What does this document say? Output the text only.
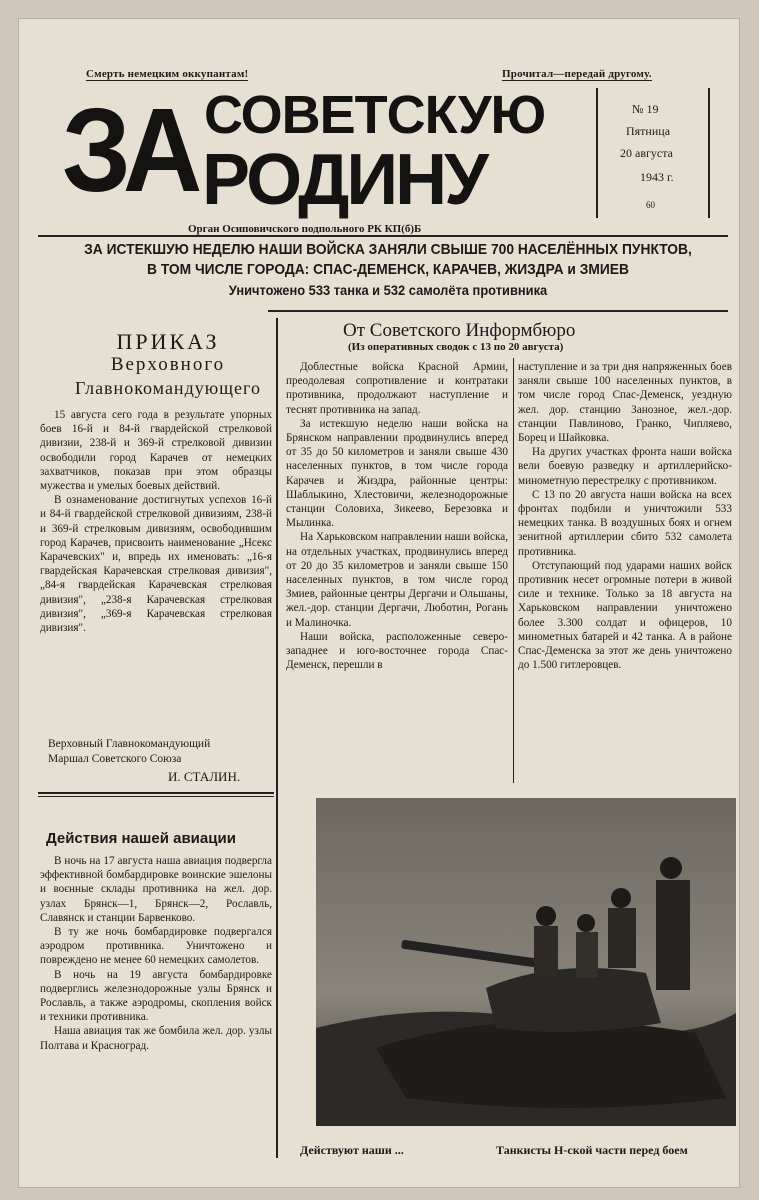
Смерть немецким оккупантам!	Прочитал—передай другому.
ЗА СОВЕТСКУЮ
РОДИНУ
Орган Осиповичского подпольного РК КП(б)Б
№ 19
Пятница
20 августа
1943 г.
60
ЗА ИСТЕКШУЮ НЕДЕЛЮ НАШИ ВОЙСКА ЗАНЯЛИ СВЫШЕ 700 НАСЕЛЁННЫХ ПУНКТОВ,
В ТОМ ЧИСЛЕ ГОРОДА: СПАС-ДЕМЕНСК, КАРАЧЕВ, ЖИЗДРА и ЗМИЕВ
Уничтожено 533 танка и 532 самолёта противника
ПРИКАЗ
Верховного
Главнокомандующего

15 августа сего года в результате упорных боев 16-й и 84-й гвардейской стрелковой дивизии, 238-й и 369-й стрелковой дивизии освободили город Карачев от немецких захватчиков, показав при этом образцы мужества и умелых боевых действий.

В ознаменование достигнутых успехов 16-й и 84-й гвардейской стрелковой дивизиям, 238-й и 369-й стрелковым дивизиям, освободившим город Карачев, присвоить наименование „Нсекс Карачевских" и, впредь их именовать: „16-я гвардейская Карачевская стрелковая дивизия", „84-я гвардейская Карачевская стрелковая дивизия", „238-я Карачевская стрелковая дивизия", „369-я Карачевская стрелковая дивизия".

Верховный Главнокомандующий
Маршал Советского Союза
И. СТАЛИН.
Действия нашей авиации

В ночь на 17 августа наша авиация подвергла эффективной бомбардировке воинские эшелоны и воєнные склады противника на жел. дор. узлах Брянск—1, Брянск—2, Рославль, Славянск и станции Барвенково.

В ту же ночь бомбардировке подвергался аэродром противника. Уничтожено и повреждено не менее 60 немецких самолетов.

В ночь на 19 августа бомбардировке подверглись железнодорожные узлы Брянск и Рославль, а также аэродромы, скопления войск и техники противника.

Наша авиация так же бомбила жел. дор. узлы Полтава и Красноград.

От Советского Информбюро
(Из оперативных сводок с 13 по 20 августа)

Доблестные войска Красной Армии, преодолевая сопротивление и контратаки противника, продолжают наступление и теснят противника на запад.

За истекшую неделю наши войска на Брянском направлении продвинулись вперед от 35 до 50 километров и заняли свыше 430 населенных пунктов, в том числе города Карачев и Жиздра, районные центры: Шаблыкино, Хлестовичи, железнодорожные станции Соловиха, Зикеево, Березовка и Мылинка.

На Харьковском направлении наши войска, на отдельных участках, продвинулись вперед от 20 до 35 километров и заняли свыше 150 населенных пунктов, в том числе город Змиев, районные центры Дергачи и Ольшаны, жел.-дор. станции Дергачи, Люботин, Рогань и Малиночка.

Наши войска, расположенные северо-западнее и юго-восточнее города Спас-Деменск, перешли в

наступление и за три дня напряженных боев заняли свыше 100 населенных пунктов, в том числе город Спас-Деменск, уездную жел. дор. станцию Занозное, жел.-дор. станции Павлиново, Гранко, Чипляево, Борец и Шайковка.

На других участках фронта наши войска вели боевую разведку и артиллерийско-минометную перестрелку с противником.

С 13 по 20 августа наши войска на всех фронтах подбили и уничтожили 533 немецких танка. В воздушных боях и огнем зенитной артиллерии сбито 532 самолета противника.

Отступающий под ударами наших войск противник несет огромные потери в живой силе и технике. Только за 18 августа на Харьковском направлении уничтожено более 3.300 солдат и офицеров, 10 минометных батарей и 42 танка. А в районе Спас-Деменска за этот же день уничтожено до 1.500 гитлеровцев.

Действуют наши ...	Танкисты Н-ской части перед боем
